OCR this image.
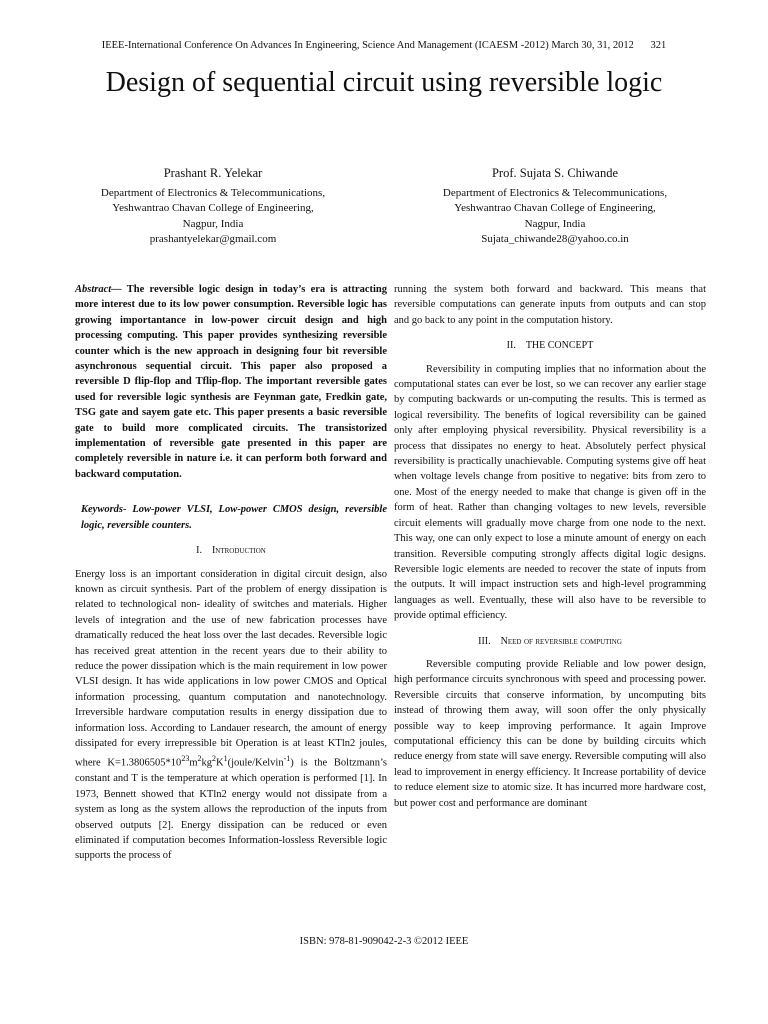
IEEE-International Conference On Advances In Engineering, Science And Management (ICAESM -2012) March 30, 31, 2012 321
Design of sequential circuit using reversible logic
Prashant R. Yelekar
Department of Electronics & Telecommunications,
Yeshwantrao Chavan College of Engineering,
Nagpur, India
prashantyelekar@gmail.com
Prof. Sujata S. Chiwande
Department of Electronics & Telecommunications,
Yeshwantrao Chavan College of Engineering,
Nagpur, India
Sujata_chiwande28@yahoo.co.in

Abstract— The reversible logic design in today’s era is attracting more interest due to its low power consumption. Reversible logic has growing importantance in low-power circuit design and high processing computing. This paper provides synthesizing reversible counter which is the new approach in designing four bit reversible asynchronous sequential circuit. This paper also proposed a reversible D flip-flop and Tflip-flop. The important reversible gates used for reversible logic synthesis are Feynman gate, Fredkin gate, TSG gate and sayem gate etc. This paper presents a basic reversible gate to build more complicated circuits. The transistorized implementation of reversible gate presented in this paper are completely reversible in nature i.e. it can perform both forward and backward computation.

Keywords- Low-power VLSI, Low-power CMOS design, reversible logic, reversible counters.

I. Introduction

Energy loss is an important consideration in digital circuit design, also known as circuit synthesis. Part of the problem of energy dissipation is related to technological non- ideality of switches and materials. Higher levels of integration and the use of new fabrication processes have dramatically reduced the heat loss over the last decades. Reversible logic has received great attention in the recent years due to their ability to reduce the power dissipation which is the main requirement in low power VLSI design. It has wide applications in low power CMOS and Optical information processing, quantum computation and nanotechnology. Irreversible hardware computation results in energy dissipation due to information loss. According to Landauer research, the amount of energy dissipated for every irrepressible bit Operation is at least KTln2 joules, where $K=1.3806505*10^{23}m^2kg^2K^1(joule/Kelvin^{-1})$ is the Boltzmann’s constant and T is the temperature at which operation is performed [1]. In 1973, Bennett showed that KTln2 energy would not dissipate from a system as long as the system allows the reproduction of the inputs from observed outputs [2]. Energy dissipation can be reduced or even eliminated if computation becomes Information-lossless Reversible logic supports the process of

running the system both forward and backward. This means that reversible computations can generate inputs from outputs and can stop and go back to any point in the computation history.

II. THE CONCEPT

Reversibility in computing implies that no information about the computational states can ever be lost, so we can recover any earlier stage by computing backwards or un-computing the results. This is termed as logical reversibility. The benefits of logical reversibility can be gained only after employing physical reversibility. Physical reversibility is a process that dissipates no energy to heat. Absolutely perfect physical reversibility is practically unachievable. Computing systems give off heat when voltage levels change from positive to negative: bits from zero to one. Most of the energy needed to make that change is given off in the form of heat. Rather than changing voltages to new levels, reversible circuit elements will gradually move charge from one node to the next. This way, one can only expect to lose a minute amount of energy on each transition. Reversible computing strongly affects digital logic designs. Reversible logic elements are needed to recover the state of inputs from the outputs. It will impact instruction sets and high-level programming languages as well. Eventually, these will also have to be reversible to provide optimal efficiency.

III. Need of reversible computing

Reversible computing provide Reliable and low power design, high performance circuits synchronous with speed and processing power. Reversible circuits that conserve information, by uncomputing bits instead of throwing them away, will soon offer the only physically possible way to keep improving performance. It again Improve computational efficiency this can be done by building circuits which reduce energy from state will save energy. Reversible computing will also lead to improvement in energy efficiency. It Increase portability of device to reduce element size to atomic size. It has incurred more hardware cost, but power cost and performance are dominant

ISBN: 978-81-909042-2-3 ©2012 IEEE
